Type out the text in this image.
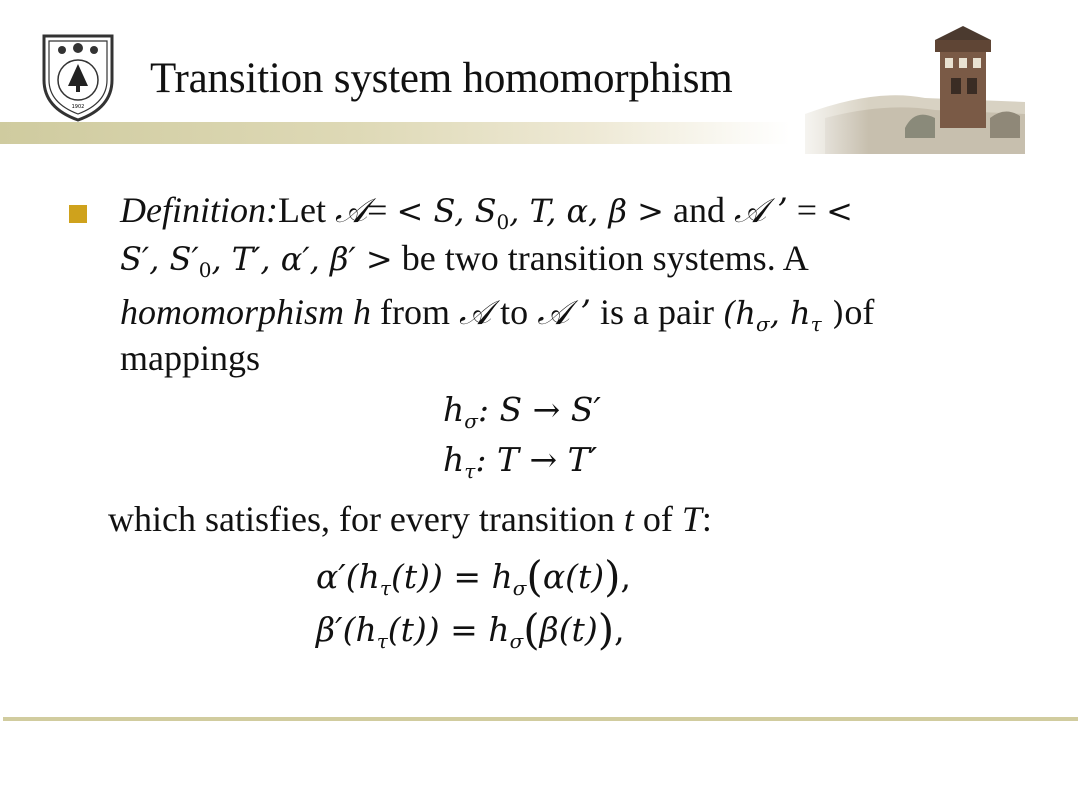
1902
Transition system homomorphism
Definition:Let 𝒜= < S, $S_0$, T, α, β > and 𝒜 ’ = <
S′, $S'_0$, T′, α′, β′ > be two transition systems. A
homomorphism h from 𝒜 to 𝒜 ’ is a pair ($h_\sigma$, $h_\tau$ )of
mappings
$h_\sigma$: S → S′
$h_\tau$: T → T′
which satisfies, for every transition t of T:
$\alpha'(h_\tau(t)) = h_\sigma(\alpha(t))$,
$\beta'(h_\tau(t)) = h_\sigma(\beta(t))$,
